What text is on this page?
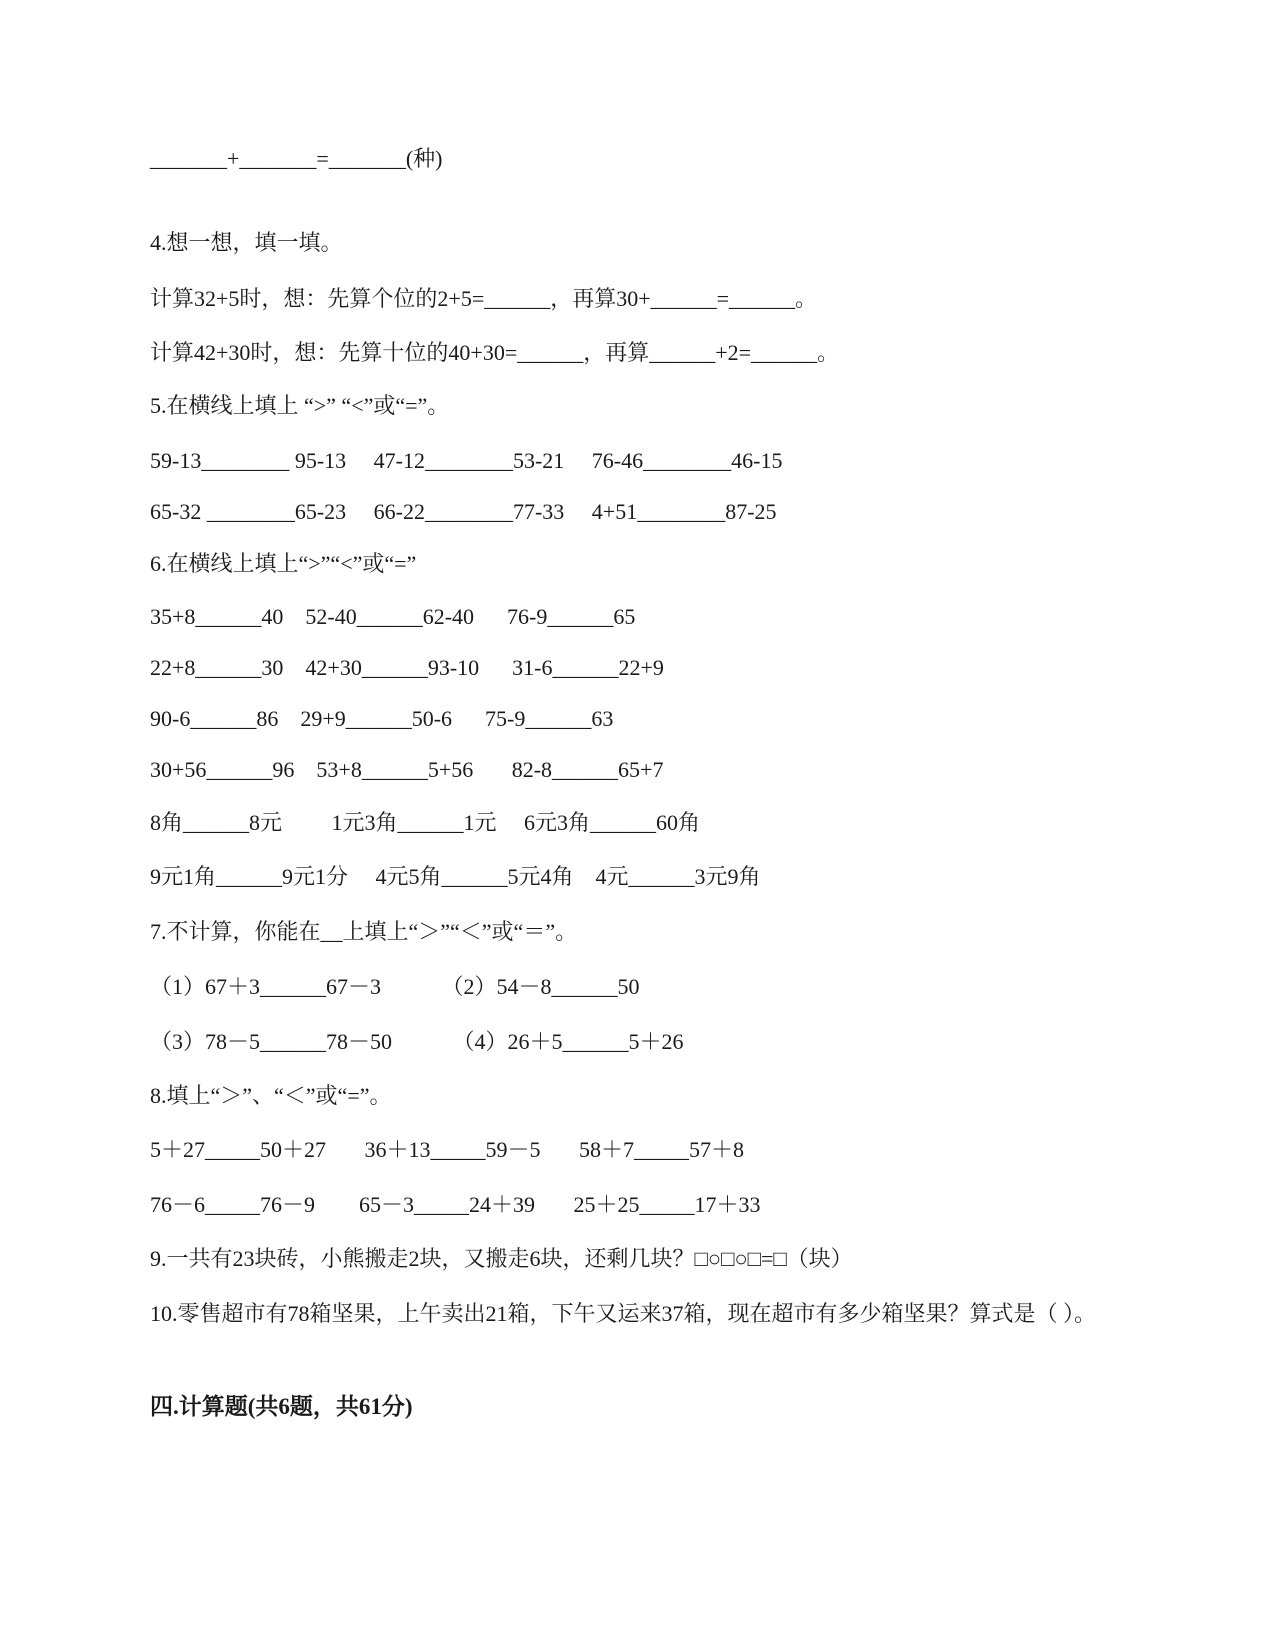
_______+_______=_______(种)
4.想一想，填一填。
计算32+5时，想：先算个位的2+5=______，再算30+______=______。
计算42+30时，想：先算十位的40+30=______，再算______+2=______。
5.在横线上填上 “>” “<”或“=”。
59-13________ 95-13     47-12________53-21     76-46________46-15
65-32 ________65-23     66-22________77-33     4+51________87-25
6.在横线上填上“>”“<”或“=”
35+8______40    52-40______62-40      76-9______65
22+8______30    42+30______93-10      31-6______22+9
90-6______86    29+9______50-6      75-9______63
30+56______96    53+8______5+56       82-8______65+7
8角______8元         1元3角______1元     6元3角______60角
9元1角______9元1分     4元5角______5元4角    4元______3元9角
7.不计算，你能在__上填上“＞”“＜”或“＝”。
（1）67＋3______67－3           （2）54－8______50
（3）78－5______78－50           （4）26＋5______5＋26
8.填上“＞”、“＜”或“=”。
5＋27_____50＋27       36＋13_____59－5       58＋7_____57＋8
76－6_____76－9        65－3_____24＋39       25＋25_____17＋33
9.一共有23块砖，小熊搬走2块，又搬走6块，还剩几块？□○□○□=□（块）
10.零售超市有78箱坚果，上午卖出21箱，下午又运来37箱，现在超市有多少箱坚果？算式是（ ）。
四.计算题(共6题，共61分)
